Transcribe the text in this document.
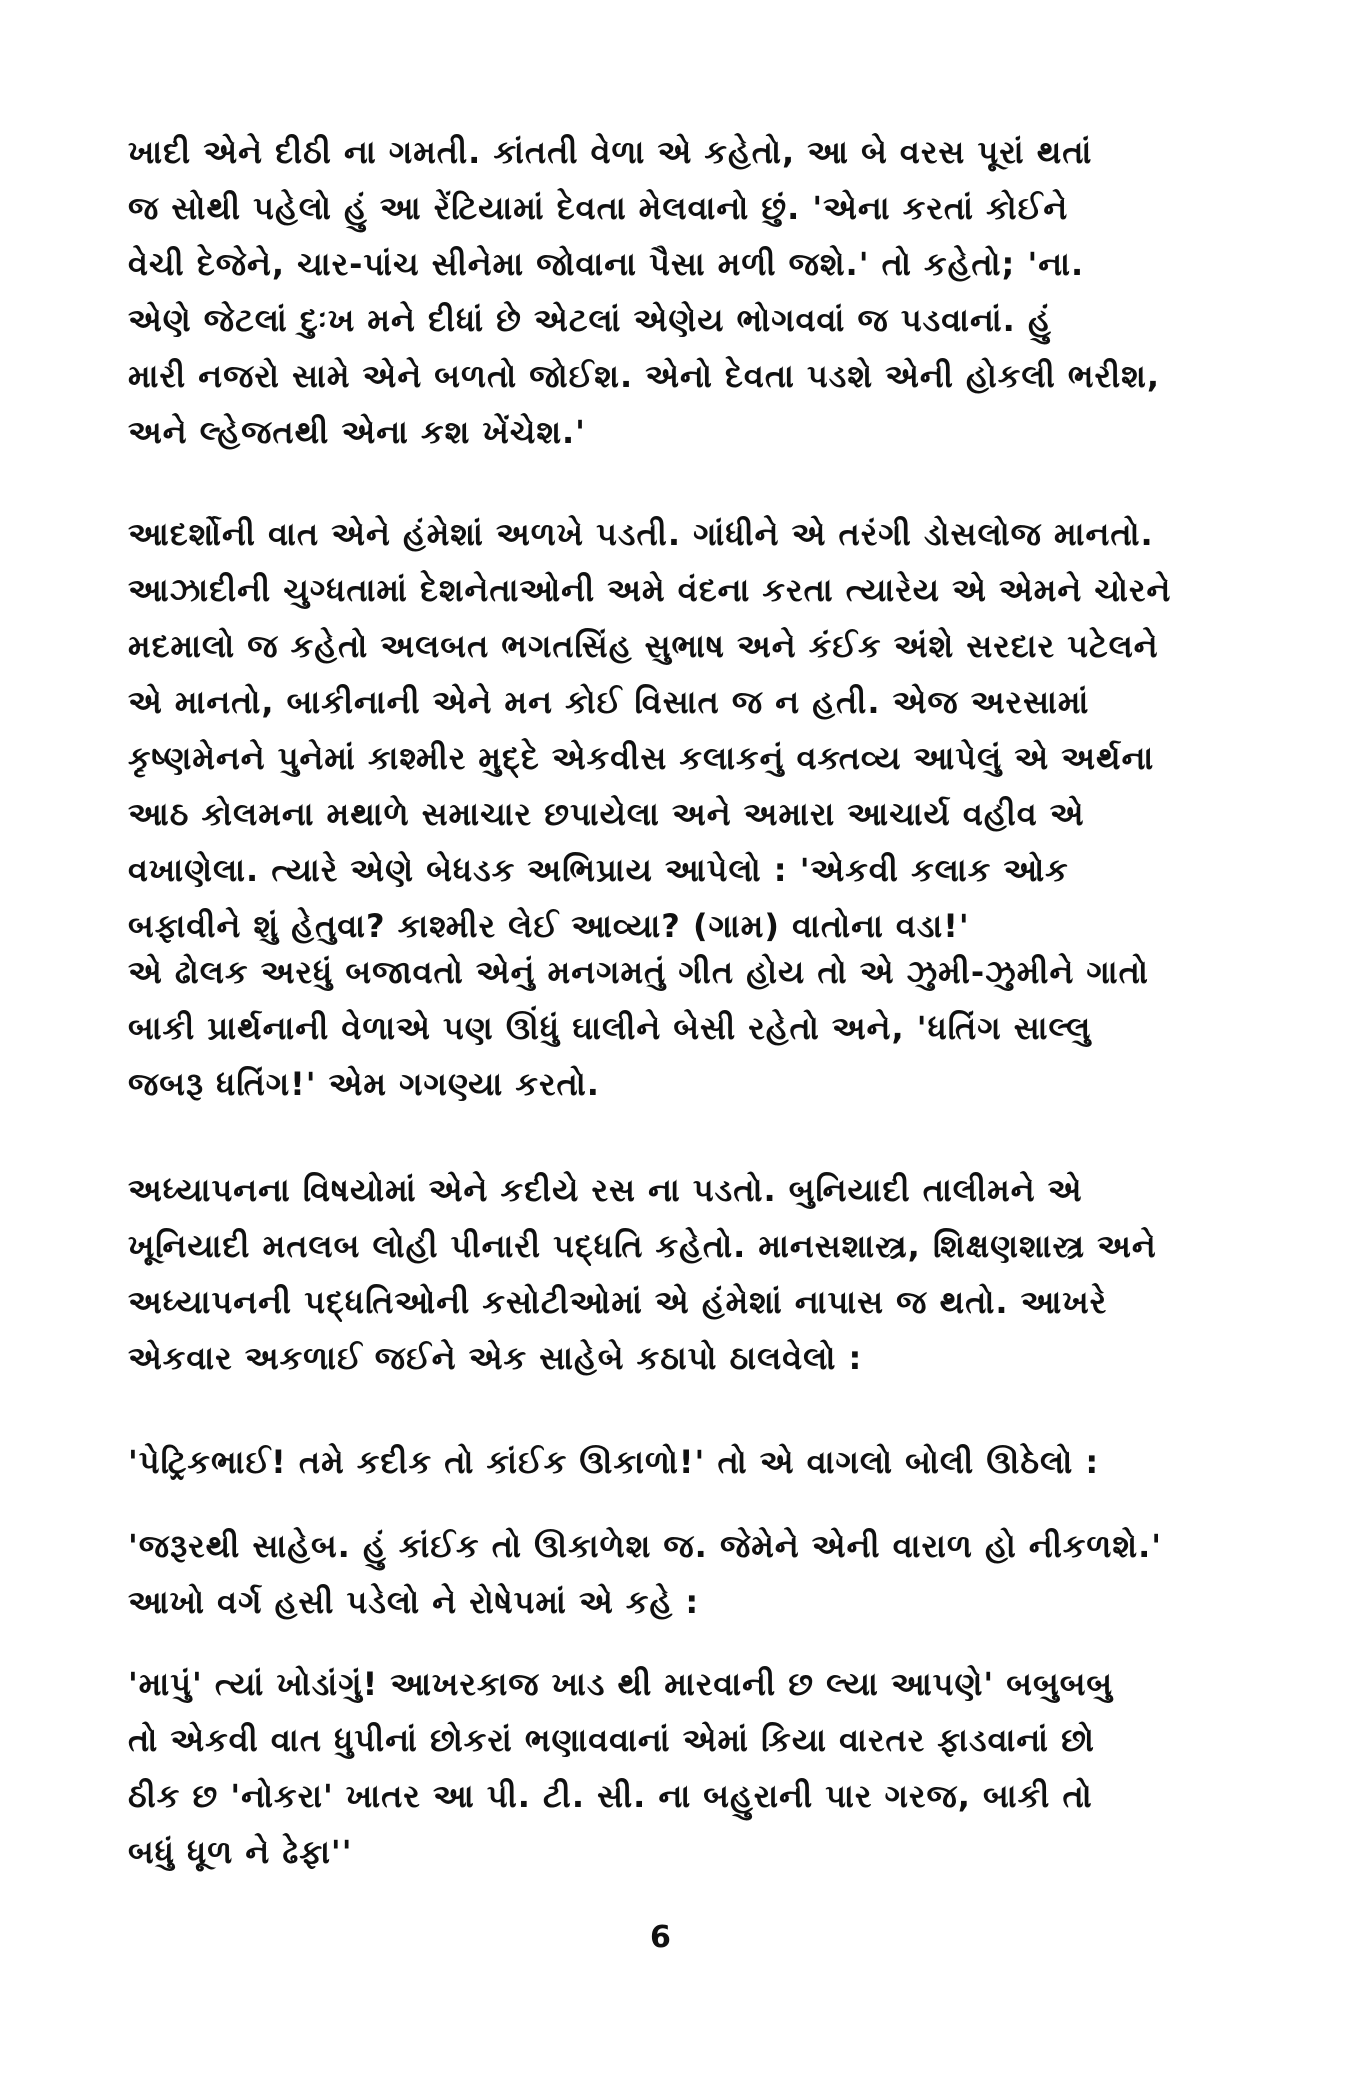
ખાદી એને દીઠી ના ગમતી. કાંતતી વેળા એ કહેતો, આ બે વરસ પૂરાં થતાં
જ સોથી પહેલો હું આ રેંટિયામાં દેવતા મેલવાનો છું. 'એના કરતાં કોઈને
વેચી દેજેને, ચાર-પાંચ સીનેમા જોવાના પૈસા મળી જશે.' તો કહેતો; 'ના.
એણે જેટલાં દુઃખ મને દીધાં છે એટલાં એણેય ભોગવવાં જ પડવાનાં. હું
મારી નજરો સામે એને બળતો જોઈશ. એનો દેવતા પડશે એની હોકલી ભરીશ,
અને લ્હેજતથી એના કશ ખેંચેશ.'
આદર્શોની વાત એને હંમેશાં અળખે પડતી. ગાંધીને એ તરંગી ડોસલોજ માનતો.
આઝાદીની ચુગ્ધતામાં દેશનેતાઓની અમે વંદના કરતા ત્યારેય એ એમને ચોરને
મદમાલો જ કહેતો અલબત ભગતસિંહ સુભાષ અને કંઈક અંશે સરદાર પટેલને
એ માનતો, બાકીનાની એને મન કોઈ વિસાત જ ન હતી. એજ અરસામાં
કૃષ્ણમેનને પુનેમાં કાશ્મીર મુદ્દે એકવીસ કલાકનું વક્તવ્ય આપેલું એ અર્થના
આઠ કોલમના મથાળે સમાચાર છપાયેલા અને અમારા આચાર્ય વહીવ એ
વખાણેલા. ત્યારે એણે બેધડક અભિપ્રાય આપેલો : 'એકવી કલાક ઓક
બફાવીને શું હેતુવા? કાશ્મીર લેઈ આવ્યા? (ગામ) વાતોના વડા!'
એ ઢોલક અરધું બજાવતો એનું મનગમતું ગીત હોય તો એ ઝુમી-ઝુમીને ગાતો
બાકી પ્રાર્થનાની વેળાએ પણ ઊંધું ઘાલીને બેસી રહેતો અને, 'ધતિંગ સાલ્લુ
જબરૂ ધતિંગ!' એમ ગગણ્યા કરતો.
અધ્યાપનના વિષયોમાં એને કદીયે રસ ના પડતો. બુનિયાદી તાલીમને એ
ખૂનિયાદી મતલબ લોહી પીનારી પદ્ધતિ કહેતો. માનસશાસ્ત્ર, શિક્ષણશાસ્ત્ર અને
અધ્યાપનની પદ્ધતિઓની કસોટીઓમાં એ હંમેશાં નાપાસ જ થતો. આખરે
એકવાર અકળાઈ જઈને એક સાહેબે કઠાપો ઠાલવેલો :
'પેટ્રિકભાઈ! તમે કદીક તો કાંઈક ઊકાળો!' તો એ વાગલો બોલી ઊઠેલો :
'જરૂરથી સાહેબ. હું કાંઈક તો ઊકાળેશ જ. જેમેને એની વારાળ હો નીકળશે.'
આખો વર્ગ હસી પડેલો ને રોષેપમાં એ કહે :
'માપું' ત્યાં ખોડાંગું! આખરકાજ ખાડ થી મારવાની છ લ્યા આપણે' બબુબબુ
તો એકવી વાત ધુપીનાં છોકરાં ભણાવવાનાં એમાં કિયા વારતર ફાડવાનાં છો
ઠીક છ 'નોકરા' ખાતર આ પી. ટી. સી. ના બહુરાની પાર ગરજ, બાકી તો
બધું ધૂળ ને ઢેફા''
6
